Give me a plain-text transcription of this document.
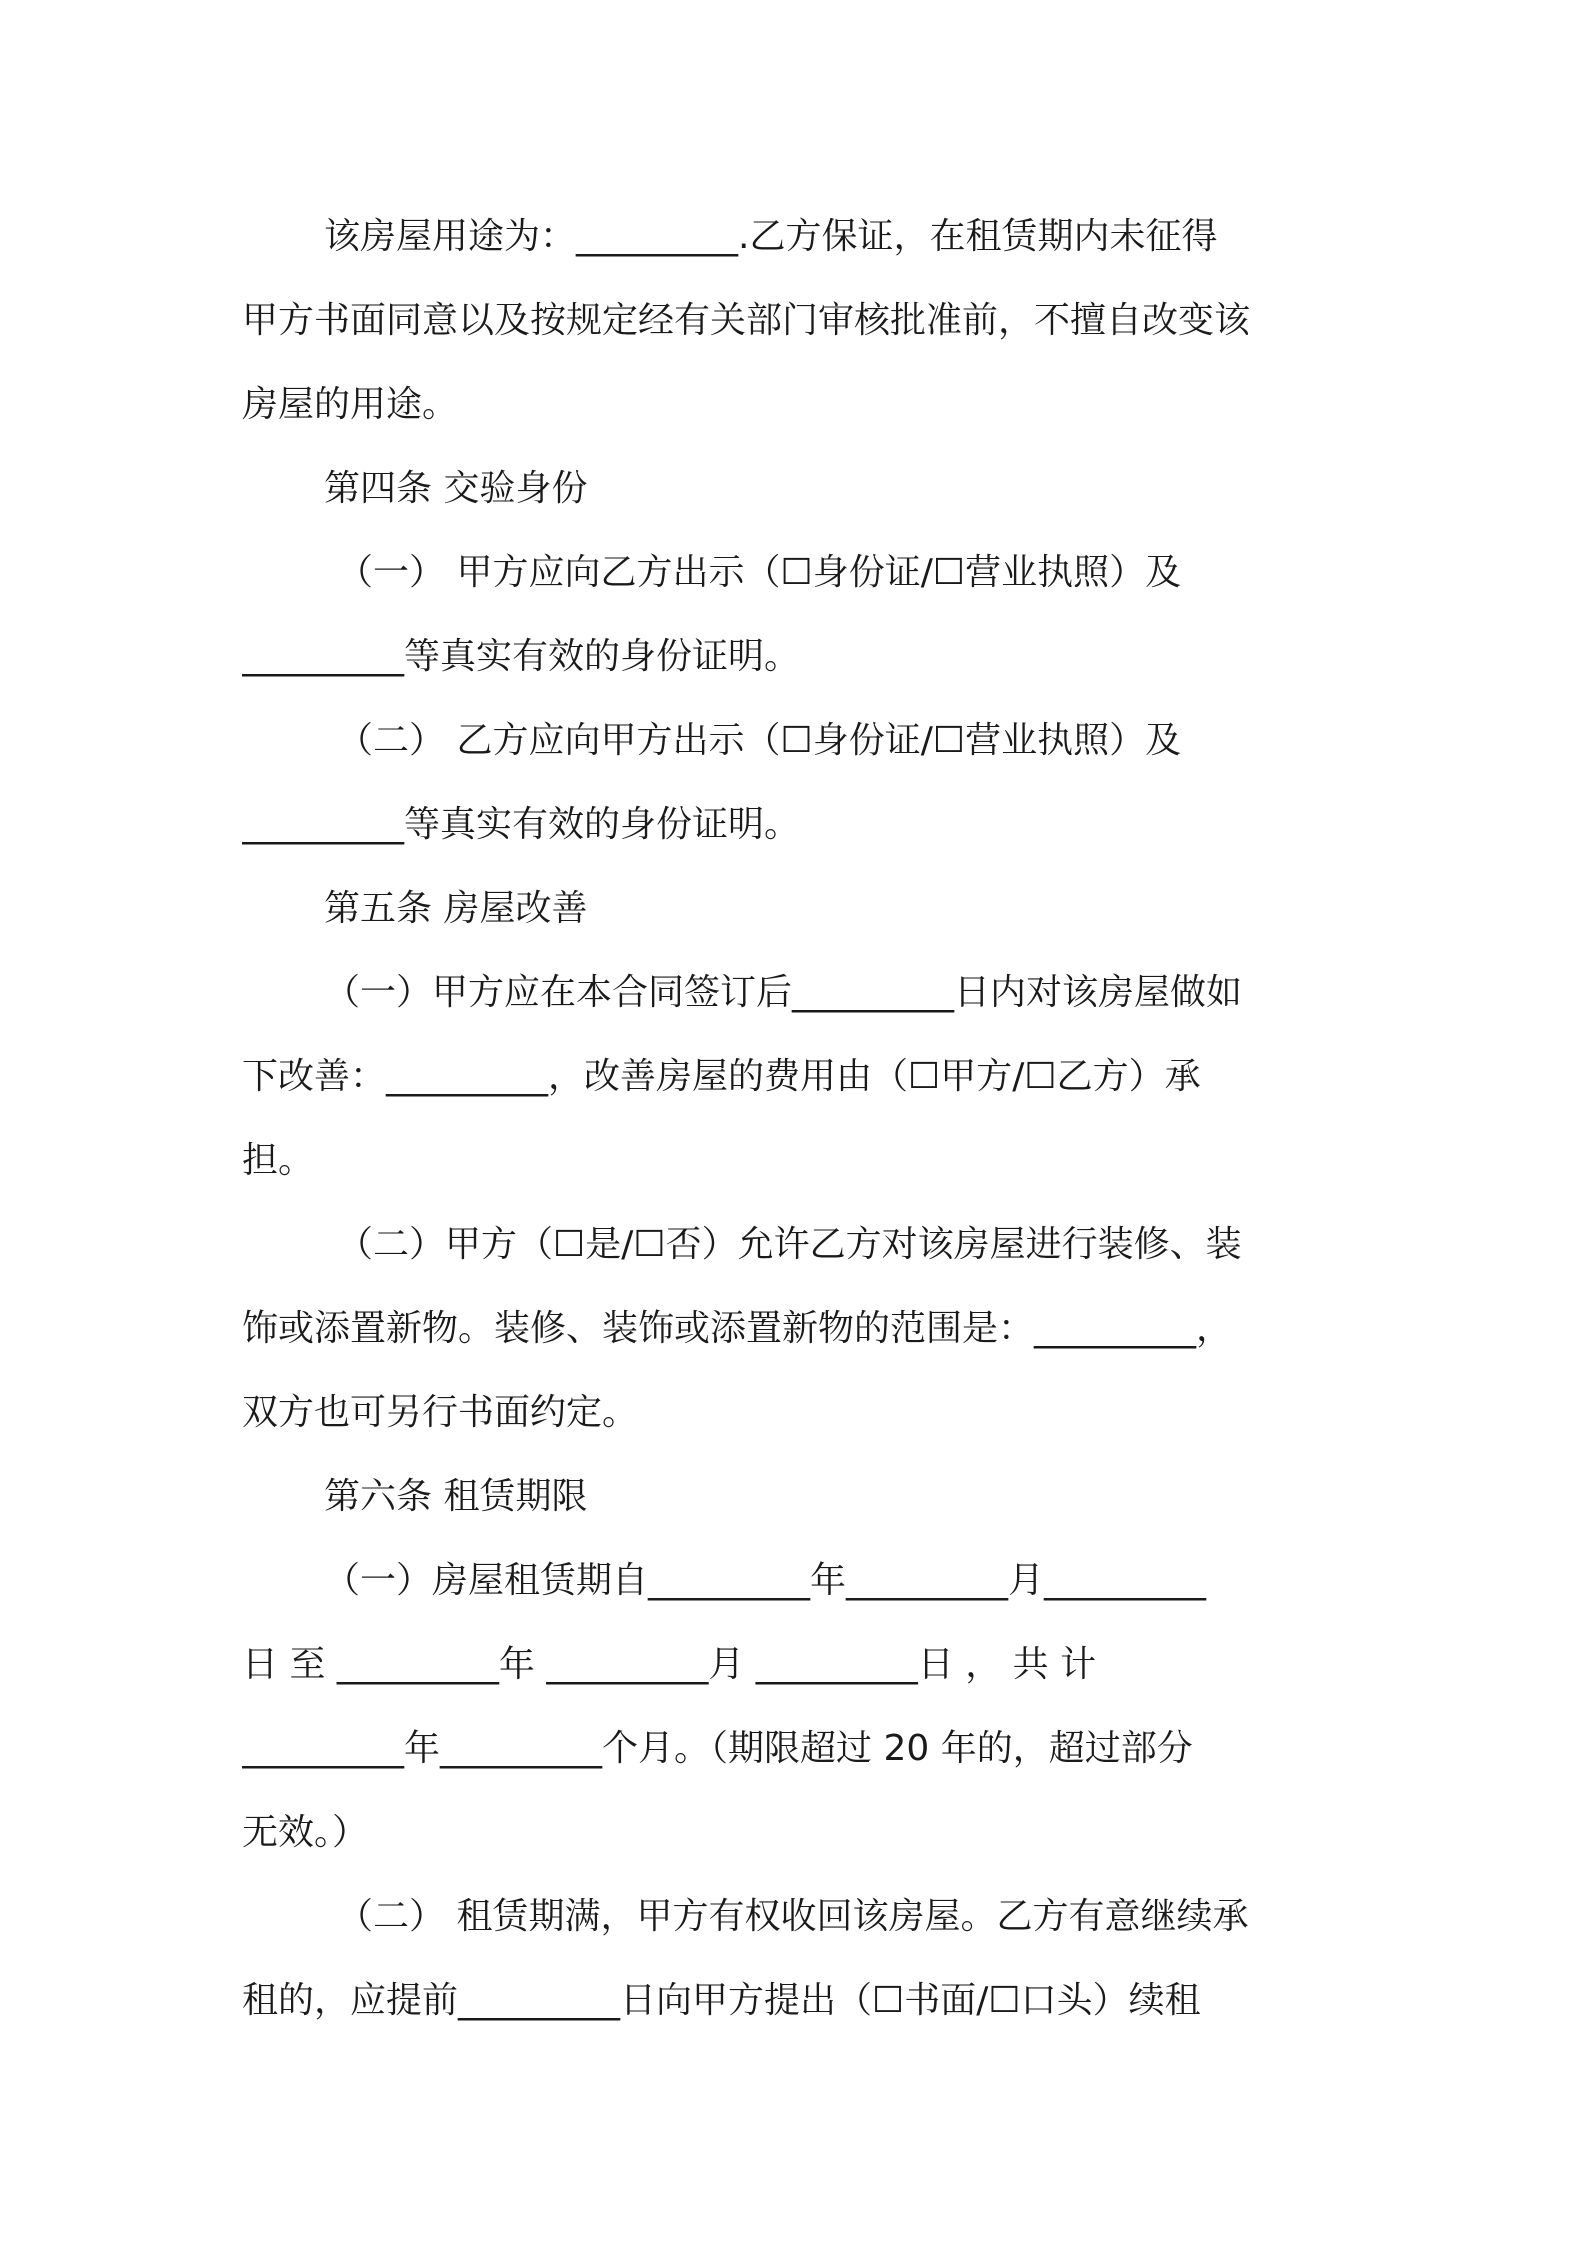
该房屋用途为：_________.乙方保证，在租赁期内未征得
甲方书面同意以及按规定经有关部门审核批准前，不擅自改变该
房屋的用途。
第四条 交验身份
（一） 甲方应向乙方出示（☐身份证/☐营业执照）及
_________等真实有效的身份证明。
（二） 乙方应向甲方出示（☐身份证/☐营业执照）及
_________等真实有效的身份证明。
第五条 房屋改善
（一）甲方应在本合同签订后_________日内对该房屋做如
下改善：_________，改善房屋的费用由（☐甲方/☐乙方）承
担。
（二）甲方（☐是/☐否）允许乙方对该房屋进行装修、装
饰或添置新物。装修、装饰或添置新物的范围是：_________，
双方也可另行书面约定。
第六条 租赁期限
（一）房屋租赁期自_________年_________月_________
日 至 _________年 _________月 _________日 ， 共 计
_________年_________个月。（期限超过 20 年的，超过部分
无效。）
（二） 租赁期满，甲方有权收回该房屋。乙方有意继续承
租的，应提前_________日向甲方提出（☐书面/☐口头）续租
